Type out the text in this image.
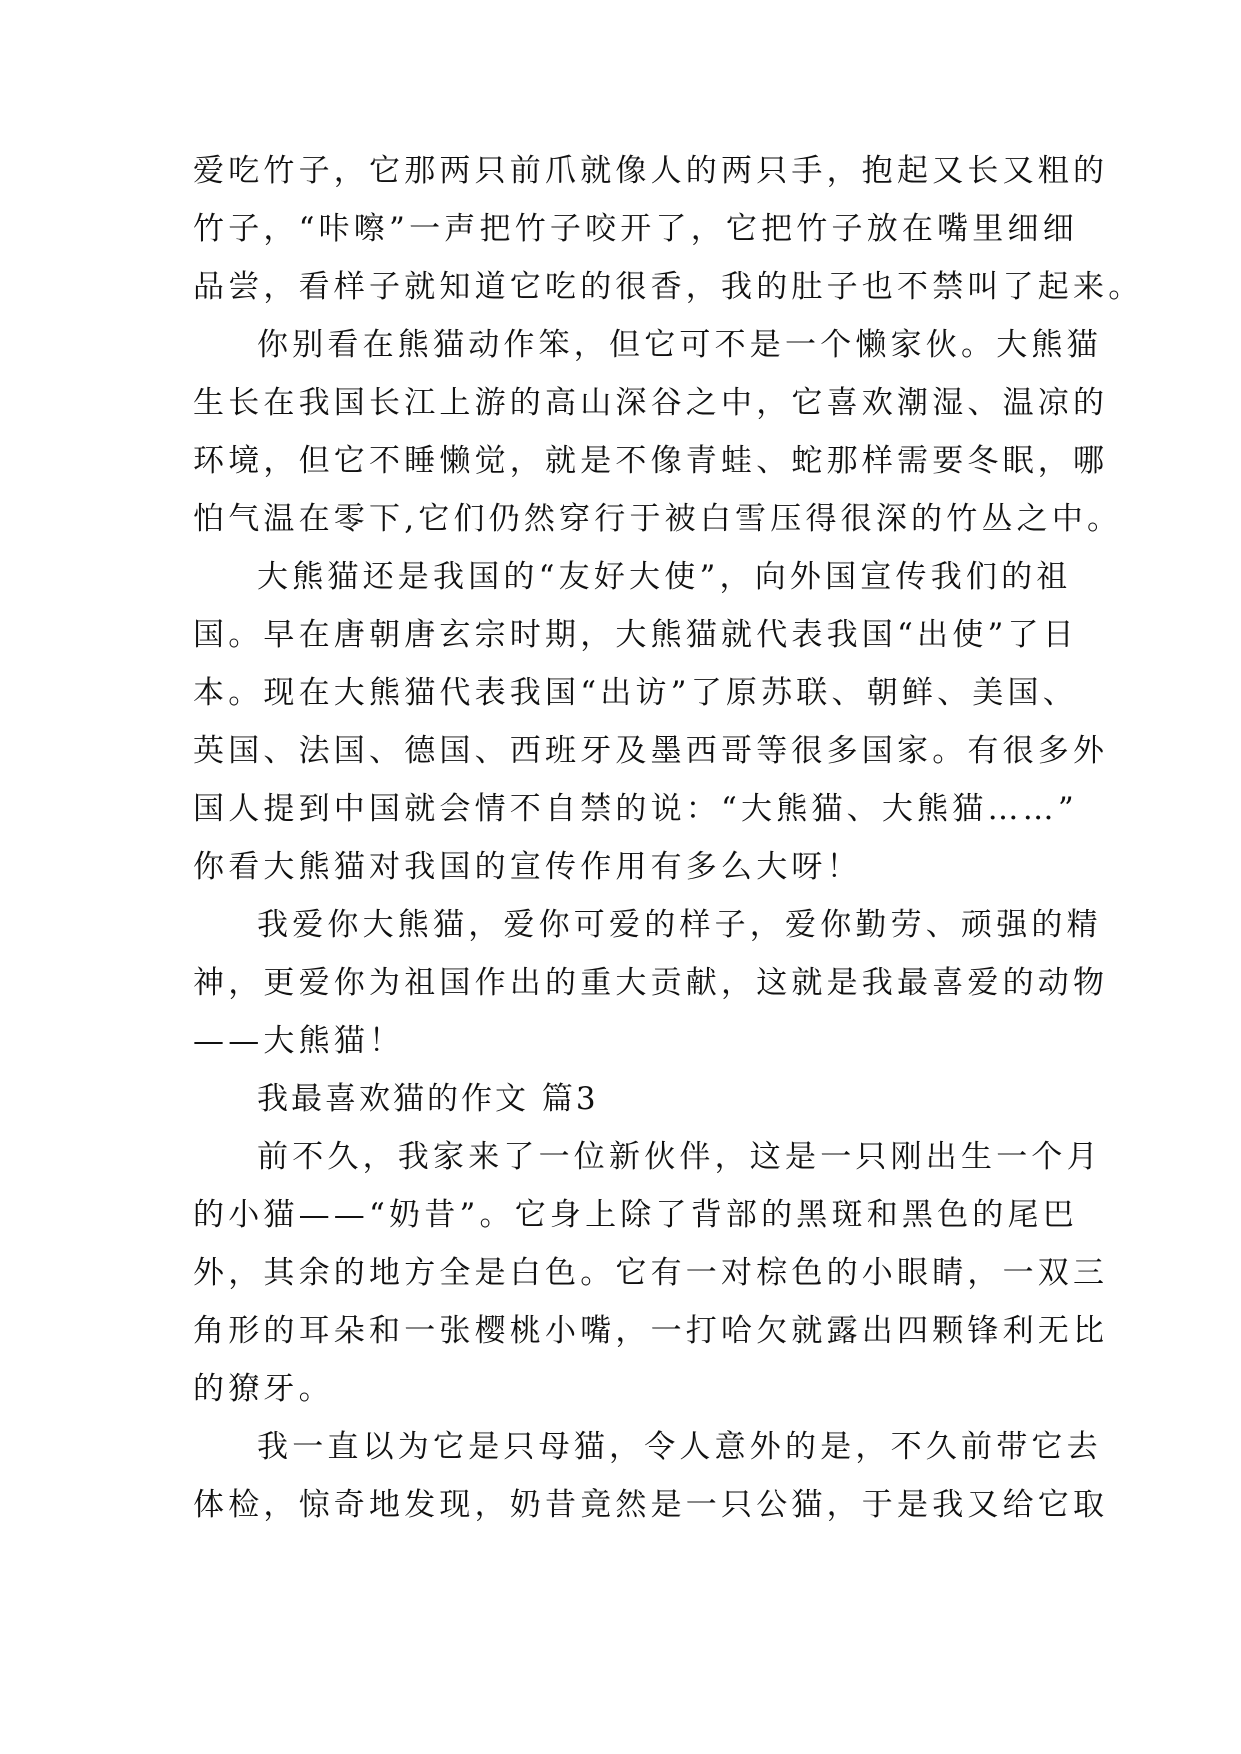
爱吃竹子，它那两只前爪就像人的两只手，抱起又长又粗的
竹子，“咔嚓”一声把竹子咬开了，它把竹子放在嘴里细细
品尝，看样子就知道它吃的很香，我的肚子也不禁叫了起来。
你别看在熊猫动作笨，但它可不是一个懒家伙。大熊猫
生长在我国长江上游的高山深谷之中，它喜欢潮湿、温凉的
环境，但它不睡懒觉，就是不像青蛙、蛇那样需要冬眠，哪
怕气温在零下,它们仍然穿行于被白雪压得很深的竹丛之中。
大熊猫还是我国的“友好大使”，向外国宣传我们的祖
国。早在唐朝唐玄宗时期，大熊猫就代表我国“出使”了日
本。现在大熊猫代表我国“出访”了原苏联、朝鲜、美国、
英国、法国、德国、西班牙及墨西哥等很多国家。有很多外
国人提到中国就会情不自禁的说：“大熊猫、大熊猫……”
你看大熊猫对我国的宣传作用有多么大呀！
我爱你大熊猫，爱你可爱的样子，爱你勤劳、顽强的精
神，更爱你为祖国作出的重大贡献，这就是我最喜爱的动物
——大熊猫！
我最喜欢猫的作文 篇3
前不久，我家来了一位新伙伴，这是一只刚出生一个月
的小猫——“奶昔”。它身上除了背部的黑斑和黑色的尾巴
外，其余的地方全是白色。它有一对棕色的小眼睛，一双三
角形的耳朵和一张樱桃小嘴，一打哈欠就露出四颗锋利无比
的獠牙。
我一直以为它是只母猫，令人意外的是，不久前带它去
体检，惊奇地发现，奶昔竟然是一只公猫，于是我又给它取
